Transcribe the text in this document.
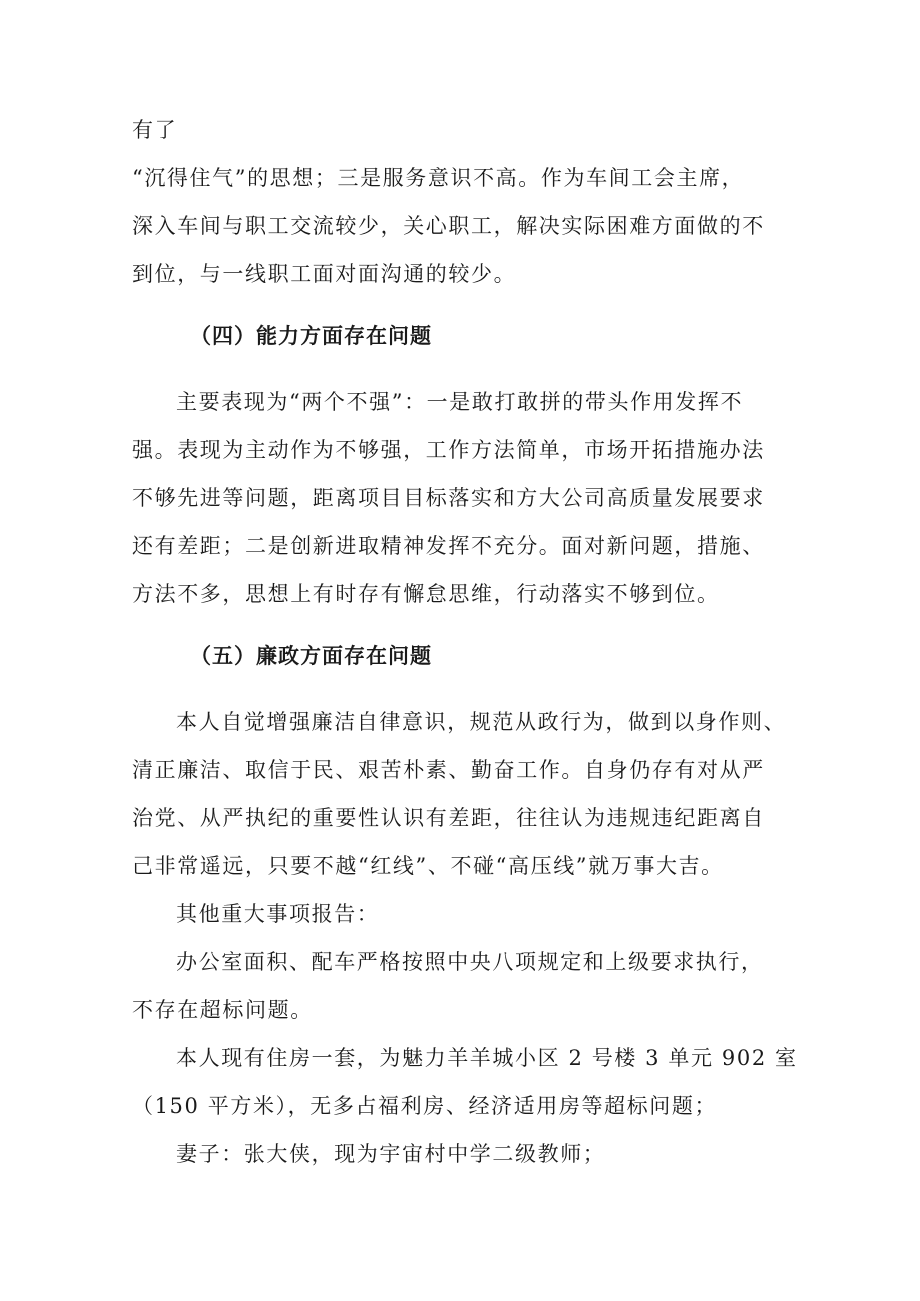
有了
“沉得住气”的思想；三是服务意识不高。作为车间工会主席，
深入车间与职工交流较少，关心职工，解决实际困难方面做的不
到位，与一线职工面对面沟通的较少。
（四）能力方面存在问题
主要表现为“两个不强”：一是敢打敢拼的带头作用发挥不
强。表现为主动作为不够强，工作方法简单，市场开拓措施办法
不够先进等问题，距离项目目标落实和方大公司高质量发展要求
还有差距；二是创新进取精神发挥不充分。面对新问题，措施、
方法不多，思想上有时存有懈怠思维，行动落实不够到位。
（五）廉政方面存在问题
本人自觉增强廉洁自律意识，规范从政行为，做到以身作则、
清正廉洁、取信于民、艰苦朴素、勤奋工作。自身仍存有对从严
治党、从严执纪的重要性认识有差距，往往认为违规违纪距离自
己非常遥远，只要不越“红线”、不碰“高压线”就万事大吉。
其他重大事项报告：
办公室面积、配车严格按照中央八项规定和上级要求执行，
不存在超标问题。
本人现有住房一套，为魅力羊羊城小区 2 号楼 3 单元 902 室
（150 平方米），无多占福利房、经济适用房等超标问题；
妻子：张大侠，现为宇宙村中学二级教师；
